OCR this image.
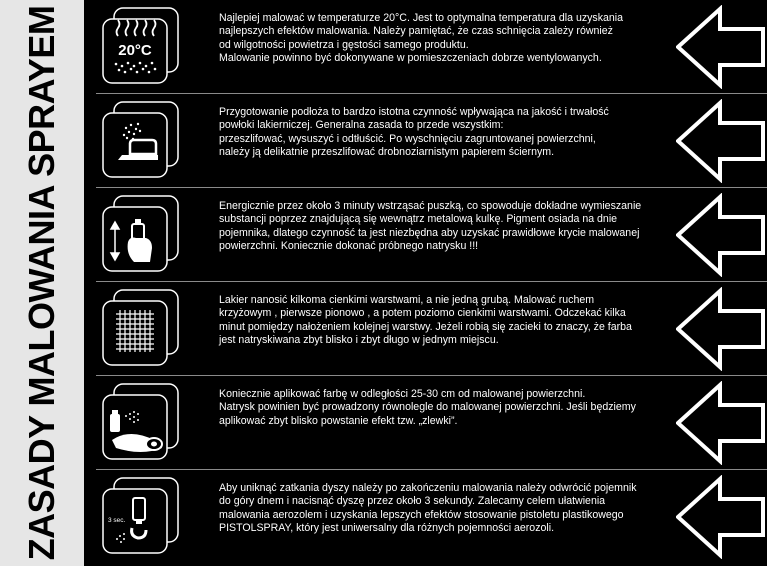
ZASADY MALOWANIA SPRAYEM	20°C
Najlepiej malować w temperaturze 20°C. Jest to optymalna temperatura dla uzyskania
najlepszych efektów malowania. Należy pamiętać, że czas schnięcia zależy również
od wilgotności powietrza i gęstości samego produktu.
Malowanie powinno być dokonywane w pomieszczeniach dobrze wentylowanych.
Przygotowanie podłoża to bardzo istotna czynność wpływająca na jakość i trwałość
powłoki lakierniczej. Generalna zasada to przede wszystkim:
przeszlifować, wysuszyć i odtłuścić. Po wyschnięciu zagruntowanej powierzchni,
należy ją delikatnie przeszlifować drobnoziarnistym papierem ściernym.
Energicznie przez około 3 minuty wstrząsać puszką, co spowoduje dokładne wymieszanie
substancji poprzez znajdującą się wewnątrz metalową kulkę. Pigment osiada na dnie
pojemnika, dlatego czynność ta jest niezbędna aby uzyskać prawidłowe krycie malowanej
powierzchni. Koniecznie dokonać próbnego natrysku !!!
Lakier nanosić kilkoma cienkimi warstwami, a nie jedną grubą. Malować ruchem
krzyżowym , pierwsze pionowo , a potem poziomo cienkimi warstwami. Odczekać kilka
minut pomiędzy nałożeniem kolejnej warstwy. Jeżeli robią się zacieki to znaczy, że farba
jest natryskiwana zbyt blisko i zbyt długo w jednym miejscu.
Koniecznie aplikować farbę w odległości 25-30 cm od malowanej powierzchni.
Natrysk powinien być prowadzony równolegle do malowanej powierzchni. Jeśli będziemy
aplikować zbyt blisko powstanie efekt tzw. „zlewki”.
3 sec.
Aby uniknąć zatkania dyszy należy po zakończeniu malowania należy odwrócić pojemnik
do góry dnem i nacisnąć dyszę przez około 3 sekundy. Zalecamy celem ułatwienia
malowania aerozolem i uzyskania lepszych efektów stosowanie pistoletu plastikowego
PISTOLSPRAY, który jest uniwersalny dla różnych pojemności aerozoli.
